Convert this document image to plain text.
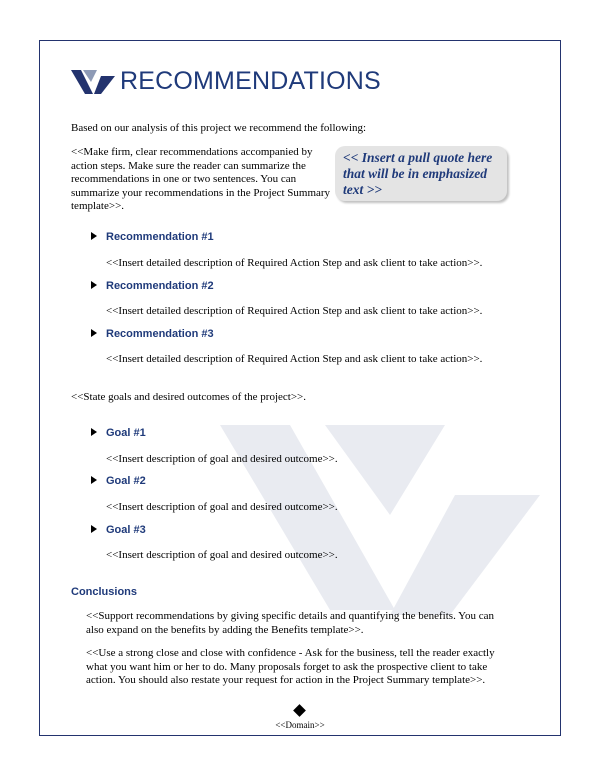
RECOMMENDATIONS
Based on our analysis of this project we recommend the following:
<<Make firm, clear recommendations accompanied by action steps. Make sure the reader can summarize the recommendations in one or two sentences. You can summarize your recommendations in the Project Summary template>>.
<< Insert a pull quote here that will be in emphasized text >>
Recommendation #1
<<Insert detailed description of Required Action Step and ask client to take action>>.
Recommendation #2
<<Insert detailed description of Required Action Step and ask client to take action>>.
Recommendation #3
<<Insert detailed description of Required Action Step and ask client to take action>>.
<<State goals and desired outcomes of the project>>.
Goal #1
<<Insert description of goal and desired outcome>>.
Goal #2
<<Insert description of goal and desired outcome>>.
Goal #3
<<Insert description of goal and desired outcome>>.
Conclusions
<<Support recommendations by giving specific details and quantifying the benefits. You can also expand on the benefits by adding the Benefits template>>.
<<Use a strong close and close with confidence - Ask for the business, tell the reader exactly what you want him or her to do. Many proposals forget to ask the prospective client to take action. You should also restate your request for action in the Project Summary template>>.
<<Domain>>
